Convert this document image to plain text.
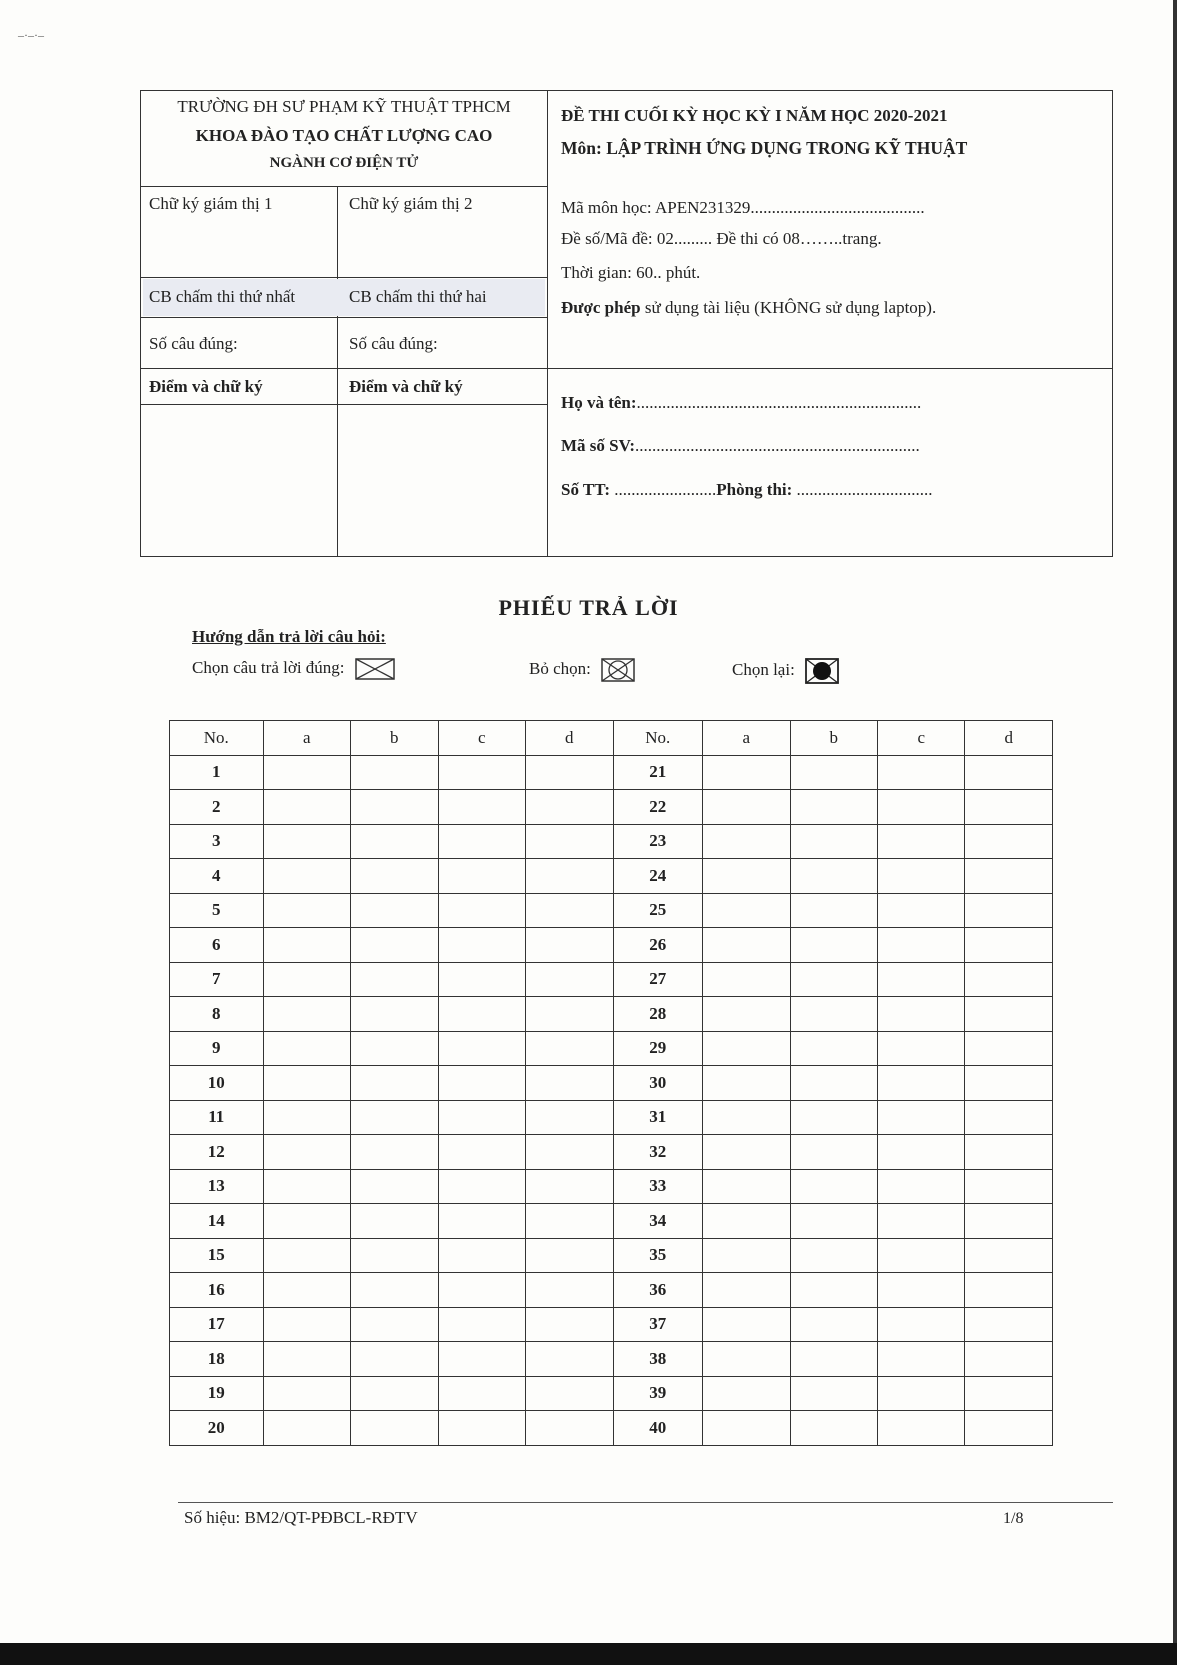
–·–·–
TRƯỜNG ĐH SƯ PHẠM KỸ THUẬT TPHCM
KHOA ĐÀO TẠO CHẤT LƯỢNG CAO
NGÀNH CƠ ĐIỆN TỬ
ĐỀ THI CUỐI KỲ HỌC KỲ I NĂM HỌC 2020-2021
Môn: LẬP TRÌNH ỨNG DỤNG TRONG KỸ THUẬT
Chữ ký giám thị 1	Chữ ký giám thị 2	Mã môn học: APEN231329.........................................
Đề số/Mã đề: 02......... Đề thi có 08……..trang.
Thời gian: 60.. phút.
Được phép sử dụng tài liệu (KHÔNG sử dụng laptop).
CB chấm thi thứ nhất	CB chấm thi thứ hai
Số câu đúng:	Số câu đúng:
Điểm và chữ ký	Điểm và chữ ký
Họ và tên:...................................................................
Mã số SV:...................................................................
Số TT: ........................Phòng thi: ................................
PHIẾU TRẢ LỜI
Hướng dẫn trả lời câu hỏi:
Chọn câu trả lời đúng:	Bỏ chọn:	Chọn lại:
No.	a	b	c	d	No.	a	b	c	d
1					21				
2					22				
3					23				
4					24				
5					25				
6					26				
7					27				
8					28				
9					29				
10					30				
11					31				
12					32				
13					33				
14					34				
15					35				
16					36				
17					37				
18					38				
19					39				
20					40				
Số hiệu: BM2/QT-PĐBCL-RĐTV	1/8
